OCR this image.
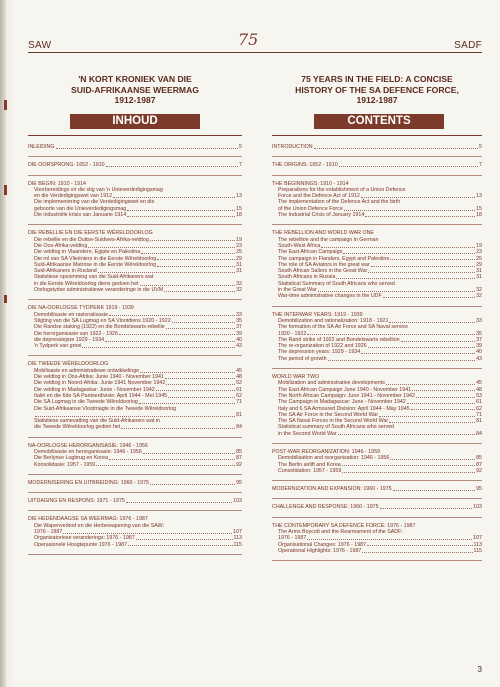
SAW	75	SADF
'N KORT KRONIEK VAN DIE
SUID-AFRIKAANSE WEERMAG
1912-1987
INHOUD
INLEIDING	5
DIE OORSPRONG: 1652 - 1910	7
DIE BEGIN: 1910 - 1914
Voorbereidings vir die stig van 'n Unieverdedigingsmag
en die Verdedigingswet van 1912	13
Die implementering van die Verdedigingswet en die
geboorte van die Unieverdedigingsmag	15
Die industriële krisis van Januarie 1914	18
DIE REBELLIE EN DIE EERSTE WÊRELDOORLOG
Die rebellie en die Duitse-Suidwes-Afrika-veldtog	19
Die Oos-Afrika-veldtog	23
Die veldtog in Vlaandere, Egipte en Palestina	25
Die rol van SA Vlieëniers in die Eerste Wêreldoorlog	29
Suid-Afrikaanse Matrose in die Eerste Wêreldoorlog	31
Suid-Afrikaners in Rusland	31
Statistiese opsomming van die Suid-Afrikaners wat
in die Eerste Wêreldoorlog diens gedoen het	32
Oorlogstydse administratiewe veranderinge in die UVM	32
DIE NA-OORLOGSE TYDPERK 1919 - 1939
Demobilisasie en rasionalisasie	33
Stigting van die SA Lugmag en SA Vlootdiens 1920 - 1922	35
Die Randse staking (1922) en die Bondelswarts-rebellie	37
Die herorganisasie van 1922 - 1926	39
die depressiejare 1929 - 1934	40
'n Tydperk van groei	43
DIE TWEEDE WÊRELDOORLOG
Mobilisasie en administratiewe ontwikkelinge	45
Die veldtog in Oos-Afrika: Junie 1940 - November 1941	48
Die veldtog in Noord-Afrika: Junie 1941 November 1942	52
Die veldtog in Madagaskar: Junie - November 1942	61
Italië en die 6de SA Pantserdivisie: April 1944 - Mei 1945	62
Die SA Lugmag in die Tweede Wêreldoorlog	71
Die Suid-Afrikaanse Vlootmagte in die Tweede Wêreldoorlog
81
Statistiese samevatting van die Suid-Afrikaners wat in
die Tweede Wêreldoorlog gedien het	84
NA-OORLOGSE HERORGANISASIE: 1946 - 1956
Demobilisasie en herorganisasie: 1946 - 1956	85
Die Berlynse Lugbrug en Korea	87
Konsolidasie: 1957 - 1959	92
MODERNISERING EN UITBREIDING: 1960 - 1975	95
UITDAGING EN RESPONS: 1971 - 1975	103
DIE HEDENDAAGSE SA WEERMAG: 1976 - 1987
Die Wapenverbod en die Herbewapening van die SAW:
1976 - 1987	107
Organisatoriese veranderings: 1976 - 1987	113
Operasionele Hoogtepunte 1976 - 1987	115
75 YEARS IN THE FIELD: A CONCISE
HISTORY OF THE SA DEFENCE FORCE,
1912-1987
CONTENTS
INTRODUCTION	5
THE ORIGINS: 1652 - 1910	7
THE BEGINNINGS: 1910 - 1914
Preparations for the establishment of a Union Defence
Force and the Defence Act of 1912	13
The implementation of the Defence Act and the birth
of the Union Defence Force	15
The Industrial Crisis of January 1914	18
THE REBELLION AND WORLD WAR ONE
The rebellion and the campaign in German
South-West Africa	19
The East African Campaign	23
The campaign in Flanders, Egypt and Palestine	25
The role of SA Aviators in the great war	29
South African Sailors in the Great War	31
South Africans in Russia	31
Statistical Summary of South Africans who served
in the Great War	32
War-time administrative changes in the UDF	32
THE INTERWAR YEARS: 1919 - 1939
Demobilization and rationalization: 1918 - 1921	33
The formation of the SA Air Force and SA Naval service
1920 - 1922	35
The Rand strike of 1922 and Bondelswarts rebellion	37
The re-organization of 1922 and 1926	39
The depression years: 1929 - 1934	40
The period of growth	43
WORLD WAR TWO
Mobilization and administrative developments	45
The East African Campaign June 1940 - November 1941	48
The North African Campaign: June 1941 - November 1942	53
The Campaign in Madagascar: June - November 1942	61
Italy and 6 SA Armoured Division: April 1944 - May 1945	62
The SA Air Force in the Second World War	71
The SA Naval Forces in the Second World War	81
Statistical summary of South Africans who served
in the Second World War	84
POST-WAR REORGANIZATION: 1946 - 1959
Demobilisation and reorganisation: 1946 - 1956	85
The Berlin airlift and Korea	87
Consolidation: 1957 - 1959	92
MODERNIZATION AND EXPANSION: 1960 - 1975	95
CHALLENGE AND RESPONSE: 1960 - 1975	103
THE CONTEMPORARY SA DEFENCE FORCE: 1976 - 1987
The Arms Boycott and the Rearmament of the SADF:
1976 - 1987	107
Organisational Changes: 1976 - 1987	113
Operational Highlights: 1976 - 1987	115
3
